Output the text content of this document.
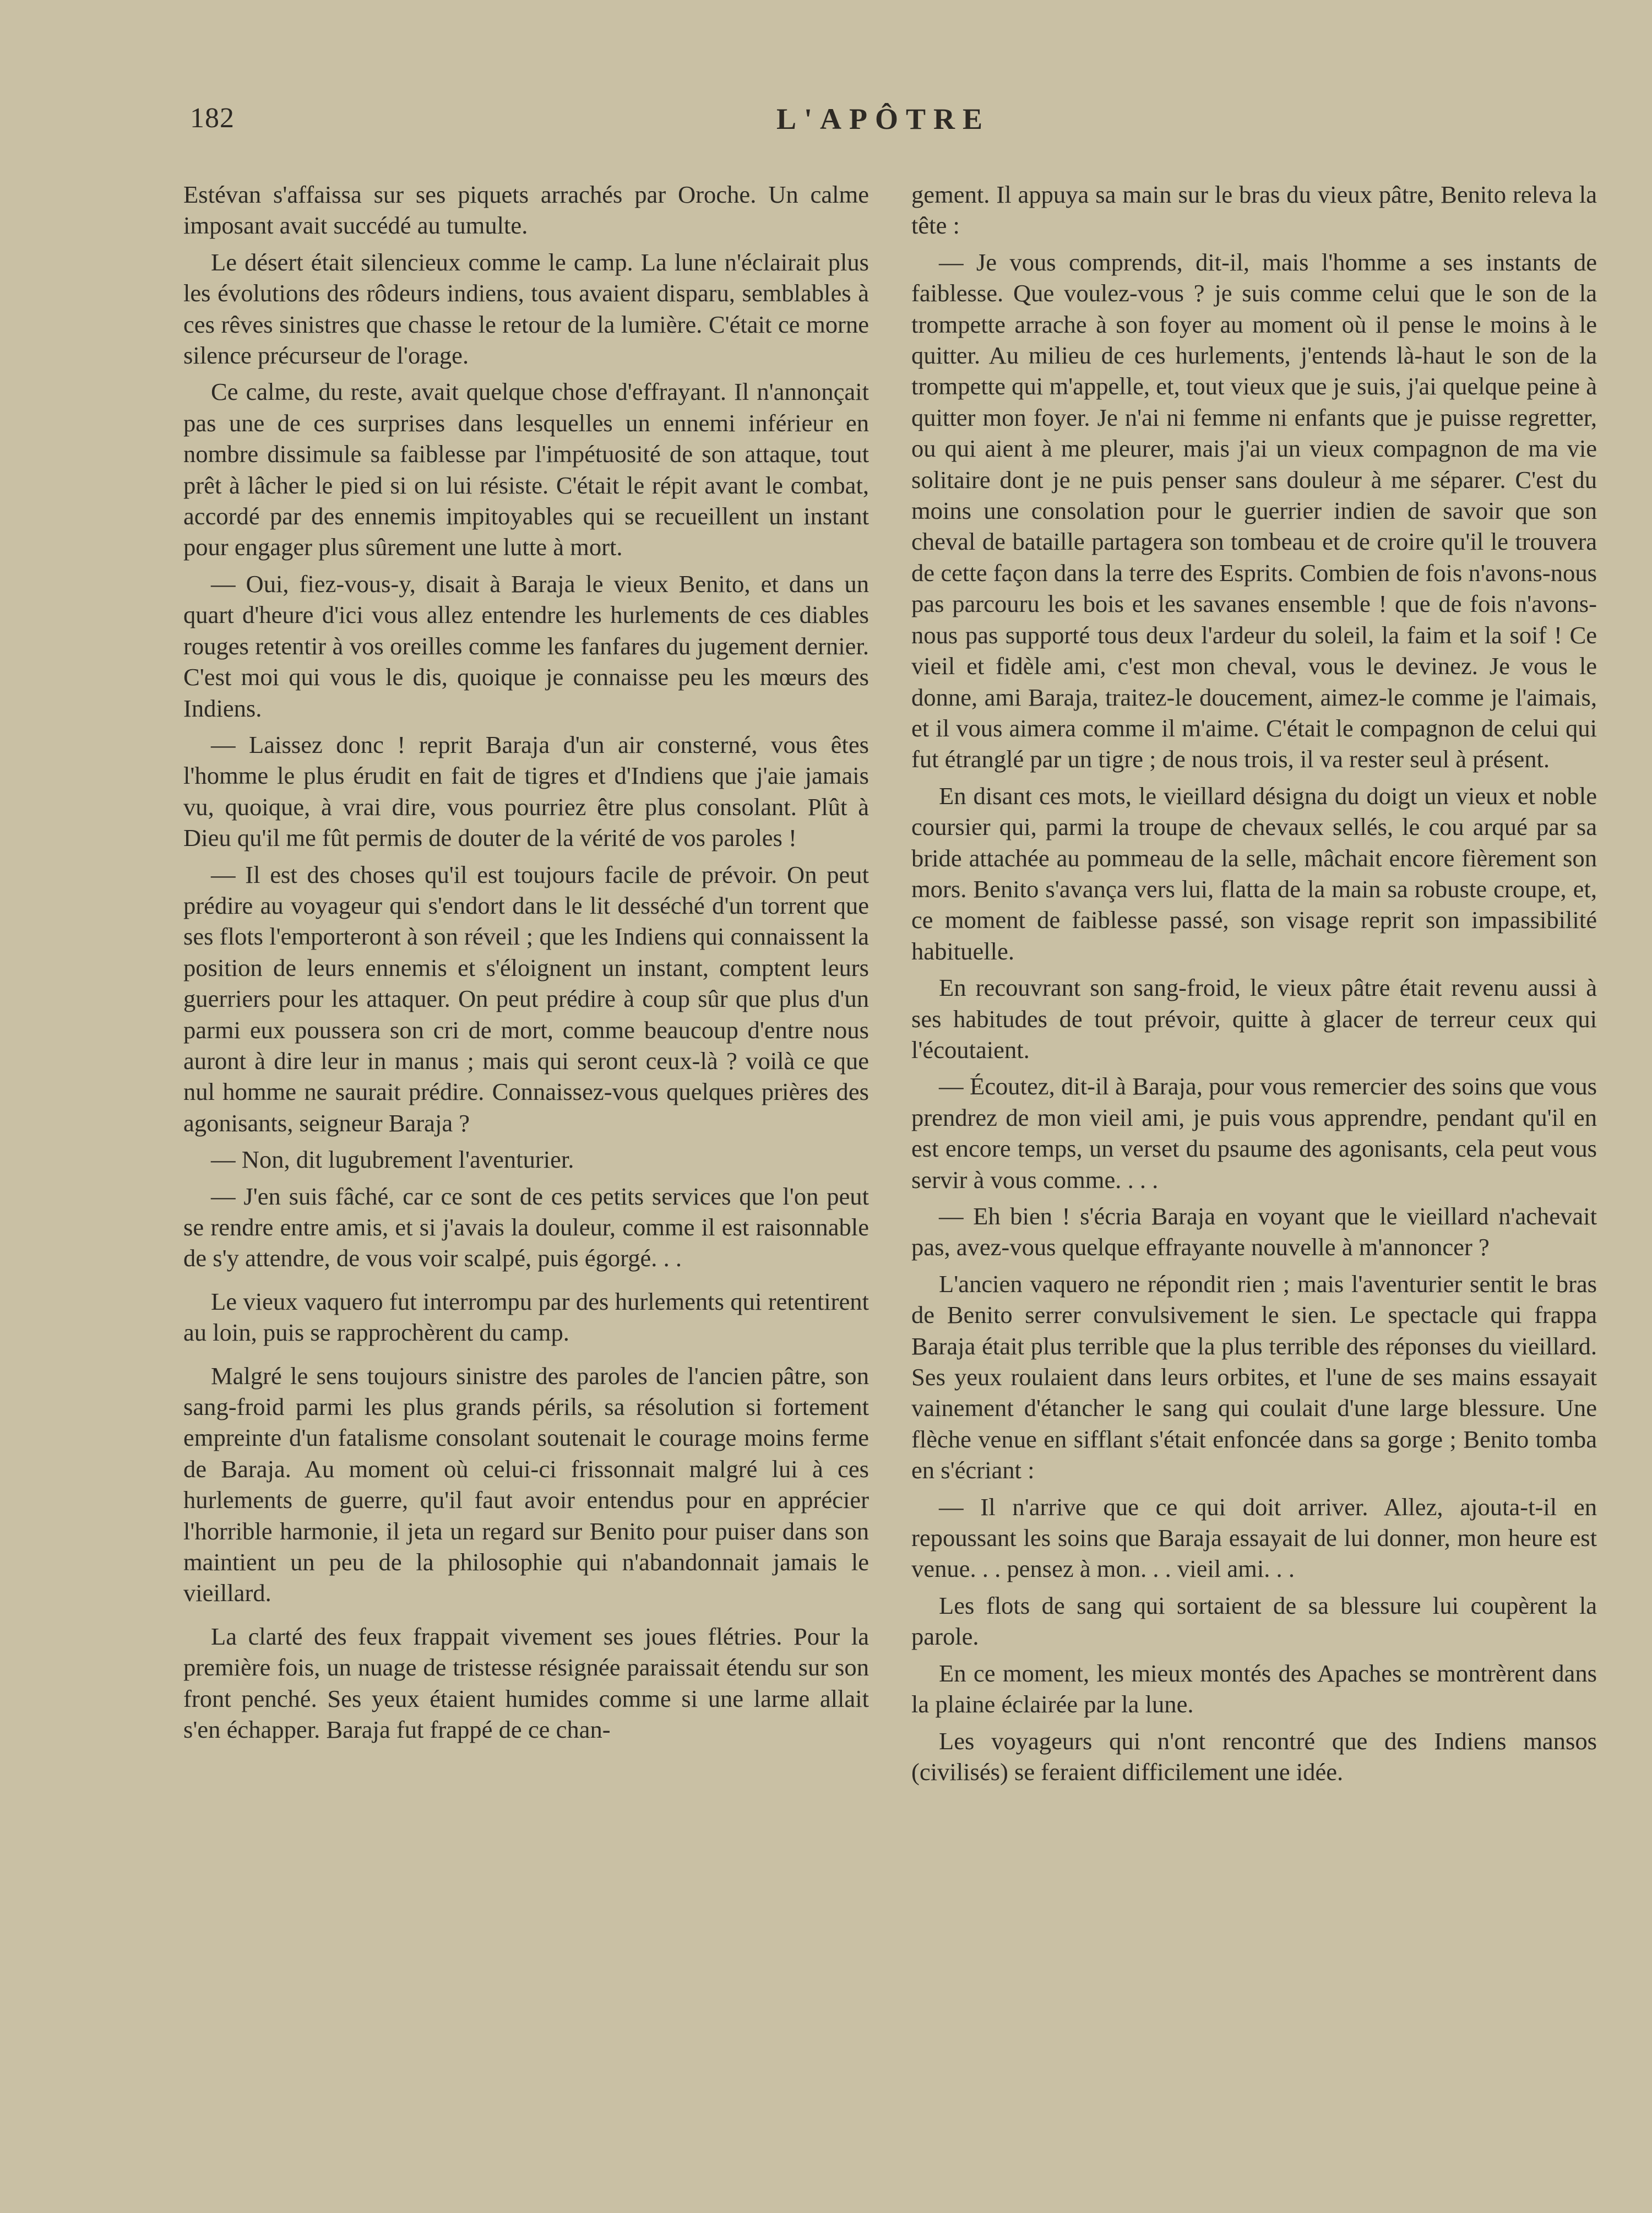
182	L'APÔTRE

Estévan s'affaissa sur ses piquets arrachés par Oroche. Un calme imposant avait succédé au tumulte.

Le désert était silencieux comme le camp. La lune n'éclairait plus les évolutions des rôdeurs indiens, tous avaient disparu, semblables à ces rêves sinistres que chasse le retour de la lumière. C'était ce morne silence précurseur de l'orage.

Ce calme, du reste, avait quelque chose d'effrayant. Il n'annonçait pas une de ces surprises dans lesquelles un ennemi inférieur en nombre dissimule sa faiblesse par l'impétuosité de son attaque, tout prêt à lâcher le pied si on lui résiste. C'était le répit avant le combat, accordé par des ennemis impitoyables qui se recueillent un instant pour engager plus sûrement une lutte à mort.

— Oui, fiez-vous-y, disait à Baraja le vieux Benito, et dans un quart d'heure d'ici vous allez entendre les hurlements de ces diables rouges retentir à vos oreilles comme les fanfares du jugement dernier. C'est moi qui vous le dis, quoique je connaisse peu les mœurs des Indiens.

— Laissez donc ! reprit Baraja d'un air consterné, vous êtes l'homme le plus érudit en fait de tigres et d'Indiens que j'aie jamais vu, quoique, à vrai dire, vous pourriez être plus consolant. Plût à Dieu qu'il me fût permis de douter de la vérité de vos paroles !

— Il est des choses qu'il est toujours facile de prévoir. On peut prédire au voyageur qui s'endort dans le lit desséché d'un torrent que ses flots l'emporteront à son réveil ; que les Indiens qui connaissent la position de leurs ennemis et s'éloignent un instant, comptent leurs guerriers pour les attaquer. On peut prédire à coup sûr que plus d'un parmi eux poussera son cri de mort, comme beaucoup d'entre nous auront à dire leur in manus ; mais qui seront ceux-là ? voilà ce que nul homme ne saurait prédire. Connaissez-vous quelques prières des agonisants, seigneur Baraja ?

— Non, dit lugubrement l'aventurier.

— J'en suis fâché, car ce sont de ces petits services que l'on peut se rendre entre amis, et si j'avais la douleur, comme il est raisonnable de s'y attendre, de vous voir scalpé, puis égorgé. . .

Le vieux vaquero fut interrompu par des hurlements qui retentirent au loin, puis se rapprochèrent du camp.

Malgré le sens toujours sinistre des paroles de l'ancien pâtre, son sang-froid parmi les plus grands périls, sa résolution si fortement empreinte d'un fatalisme consolant soutenait le courage moins ferme de Baraja. Au moment où celui-ci frissonnait malgré lui à ces hurlements de guerre, qu'il faut avoir entendus pour en apprécier l'horrible harmonie, il jeta un regard sur Benito pour puiser dans son maintient un peu de la philosophie qui n'abandonnait jamais le vieillard.

La clarté des feux frappait vivement ses joues flétries. Pour la première fois, un nuage de tristesse résignée paraissait étendu sur son front penché. Ses yeux étaient humides comme si une larme allait s'en échapper. Baraja fut frappé de ce chan-

gement. Il appuya sa main sur le bras du vieux pâtre, Benito releva la tête :

— Je vous comprends, dit-il, mais l'homme a ses instants de faiblesse. Que voulez-vous ? je suis comme celui que le son de la trompette arrache à son foyer au moment où il pense le moins à le quitter. Au milieu de ces hurlements, j'entends là-haut le son de la trompette qui m'appelle, et, tout vieux que je suis, j'ai quelque peine à quitter mon foyer. Je n'ai ni femme ni enfants que je puisse regretter, ou qui aient à me pleurer, mais j'ai un vieux compagnon de ma vie solitaire dont je ne puis penser sans douleur à me séparer. C'est du moins une consolation pour le guerrier indien de savoir que son cheval de bataille partagera son tombeau et de croire qu'il le trouvera de cette façon dans la terre des Esprits. Combien de fois n'avons-nous pas parcouru les bois et les savanes ensemble ! que de fois n'avons-nous pas supporté tous deux l'ardeur du soleil, la faim et la soif ! Ce vieil et fidèle ami, c'est mon cheval, vous le devinez. Je vous le donne, ami Baraja, traitez-le doucement, aimez-le comme je l'aimais, et il vous aimera comme il m'aime. C'était le compagnon de celui qui fut étranglé par un tigre ; de nous trois, il va rester seul à présent.

En disant ces mots, le vieillard désigna du doigt un vieux et noble coursier qui, parmi la troupe de chevaux sellés, le cou arqué par sa bride attachée au pommeau de la selle, mâchait encore fièrement son mors. Benito s'avança vers lui, flatta de la main sa robuste croupe, et, ce moment de faiblesse passé, son visage reprit son impassibilité habituelle.

En recouvrant son sang-froid, le vieux pâtre était revenu aussi à ses habitudes de tout prévoir, quitte à glacer de terreur ceux qui l'écoutaient.

— Écoutez, dit-il à Baraja, pour vous remercier des soins que vous prendrez de mon vieil ami, je puis vous apprendre, pendant qu'il en est encore temps, un verset du psaume des agonisants, cela peut vous servir à vous comme. . . .

— Eh bien ! s'écria Baraja en voyant que le vieillard n'achevait pas, avez-vous quelque effrayante nouvelle à m'annoncer ?

L'ancien vaquero ne répondit rien ; mais l'aventurier sentit le bras de Benito serrer convulsivement le sien. Le spectacle qui frappa Baraja était plus terrible que la plus terrible des réponses du vieillard. Ses yeux roulaient dans leurs orbites, et l'une de ses mains essayait vainement d'étancher le sang qui coulait d'une large blessure. Une flèche venue en sifflant s'était enfoncée dans sa gorge ; Benito tomba en s'écriant :

— Il n'arrive que ce qui doit arriver. Allez, ajouta-t-il en repoussant les soins que Baraja essayait de lui donner, mon heure est venue. . . pensez à mon. . . vieil ami. . .

Les flots de sang qui sortaient de sa blessure lui coupèrent la parole.

En ce moment, les mieux montés des Apaches se montrèrent dans la plaine éclairée par la lune.

Les voyageurs qui n'ont rencontré que des Indiens mansos (civilisés) se feraient difficilement une idée.
